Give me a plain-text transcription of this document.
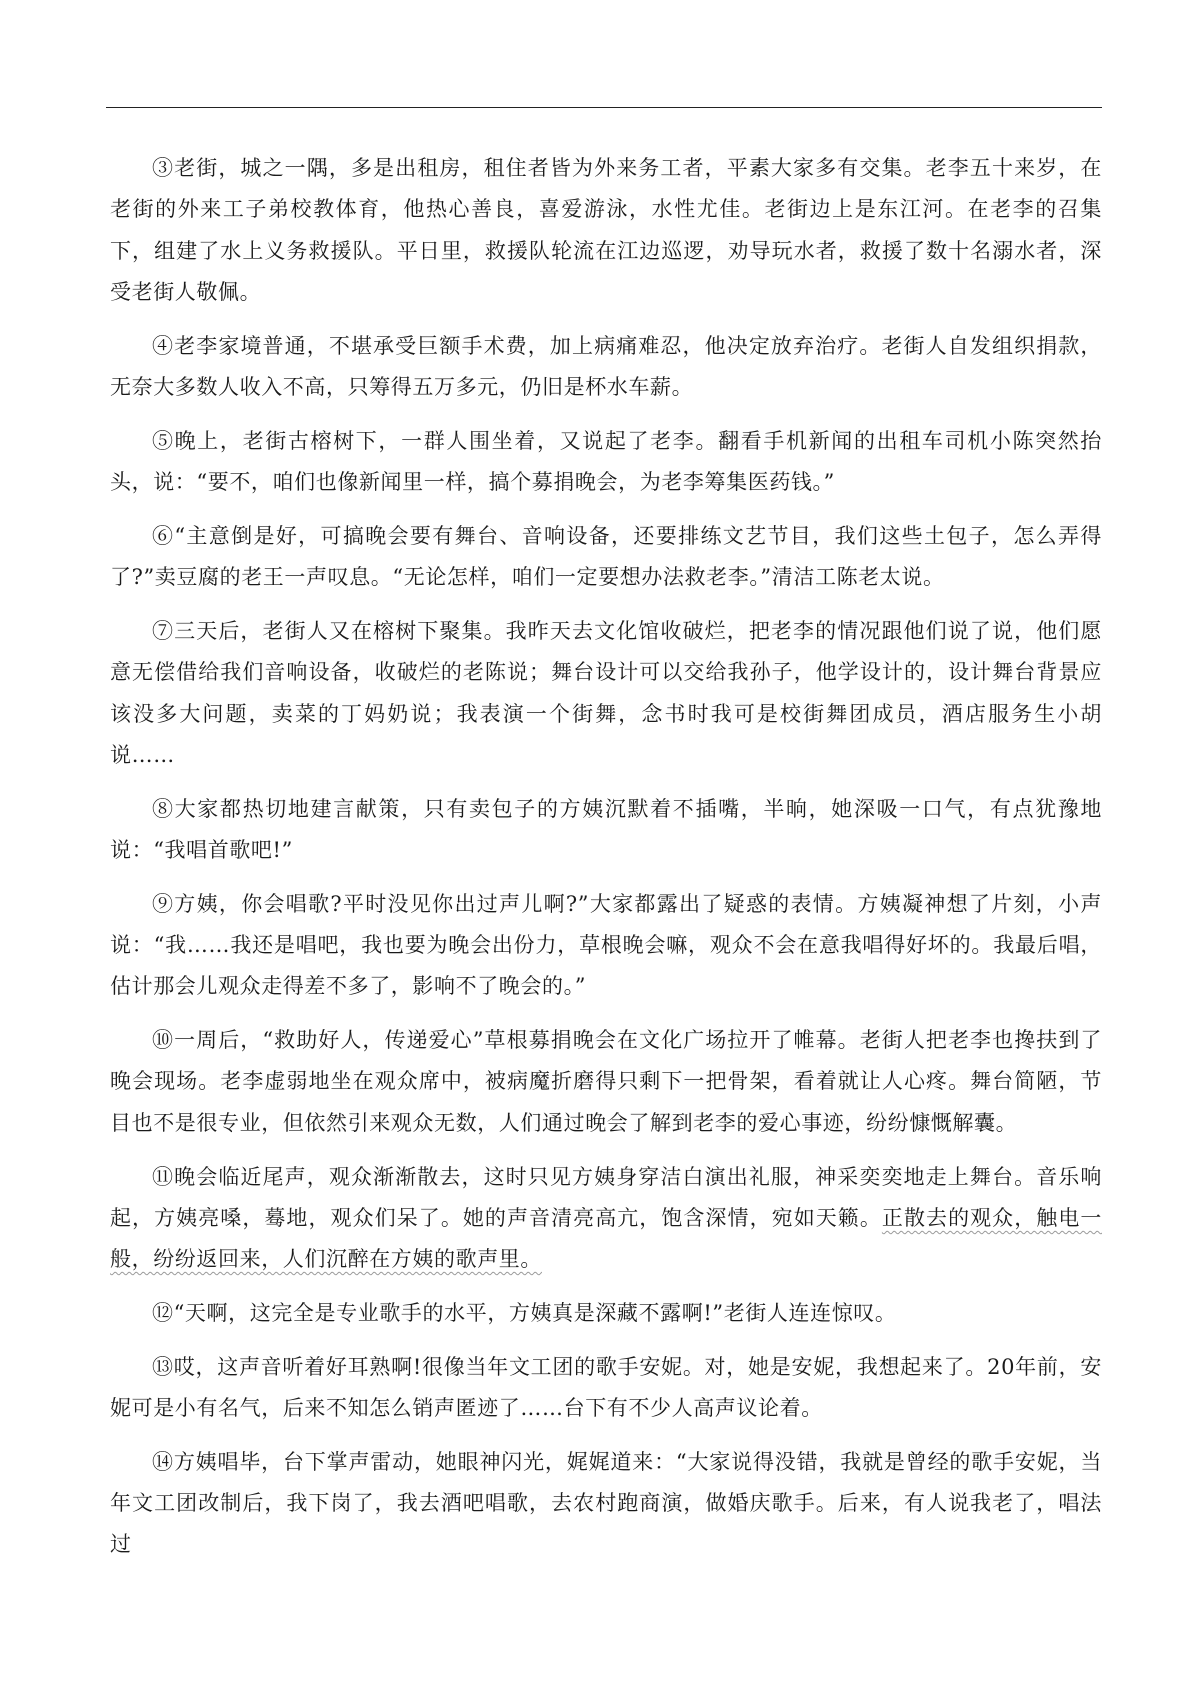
③老街，城之一隅，多是出租房，租住者皆为外来务工者，平素大家多有交集。老李五十来岁，在老街的外来工子弟校教体育，他热心善良，喜爱游泳，水性尤佳。老街边上是东江河。在老李的召集下，组建了水上义务救援队。平日里，救援队轮流在江边巡逻，劝导玩水者，救援了数十名溺水者，深受老街人敬佩。

④老李家境普通，不堪承受巨额手术费，加上病痛难忍，他决定放弃治疗。老街人自发组织捐款，无奈大多数人收入不高，只筹得五万多元，仍旧是杯水车薪。

⑤晚上，老街古榕树下，一群人围坐着，又说起了老李。翻看手机新闻的出租车司机小陈突然抬头，说：“要不，咱们也像新闻里一样，搞个募捐晚会，为老李筹集医药钱。”

⑥“主意倒是好，可搞晚会要有舞台、音响设备，还要排练文艺节目，我们这些土包子，怎么弄得了?”卖豆腐的老王一声叹息。“无论怎样，咱们一定要想办法救老李。”清洁工陈老太说。

⑦三天后，老街人又在榕树下聚集。我昨天去文化馆收破烂，把老李的情况跟他们说了说，他们愿意无偿借给我们音响设备，收破烂的老陈说；舞台设计可以交给我孙子，他学设计的，设计舞台背景应该没多大问题，卖菜的丁妈奶说；我表演一个街舞，念书时我可是校街舞团成员，酒店服务生小胡说……

⑧大家都热切地建言献策，只有卖包子的方姨沉默着不插嘴，半晌，她深吸一口气，有点犹豫地说：“我唱首歌吧!”

⑨方姨，你会唱歌?平时没见你出过声儿啊?”大家都露出了疑惑的表情。方姨凝神想了片刻，小声说：“我……我还是唱吧，我也要为晚会出份力，草根晚会嘛，观众不会在意我唱得好坏的。我最后唱，估计那会儿观众走得差不多了，影响不了晚会的。”

⑩一周后，“救助好人，传递爱心”草根募捐晚会在文化广场拉开了帷幕。老街人把老李也搀扶到了晚会现场。老李虚弱地坐在观众席中，被病魔折磨得只剩下一把骨架，看着就让人心疼。舞台简陋，节目也不是很专业，但依然引来观众无数，人们通过晚会了解到老李的爱心事迹，纷纷慷慨解囊。

⑪晚会临近尾声，观众渐渐散去，这时只见方姨身穿洁白演出礼服，神采奕奕地走上舞台。音乐响起，方姨亮嗓，蓦地，观众们呆了。她的声音清亮高亢，饱含深情，宛如天籁。正散去的观众，触电一般，纷纷返回来，人们沉醉在方姨的歌声里。

⑫“天啊，这完全是专业歌手的水平，方姨真是深藏不露啊!”老街人连连惊叹。

⑬哎，这声音听着好耳熟啊!很像当年文工团的歌手安妮。对，她是安妮，我想起来了。20年前，安妮可是小有名气，后来不知怎么销声匿迹了……台下有不少人高声议论着。

⑭方姨唱毕，台下掌声雷动，她眼神闪光，娓娓道来：“大家说得没错，我就是曾经的歌手安妮，当年文工团改制后，我下岗了，我去酒吧唱歌，去农村跑商演，做婚庆歌手。后来，有人说我老了，唱法过
